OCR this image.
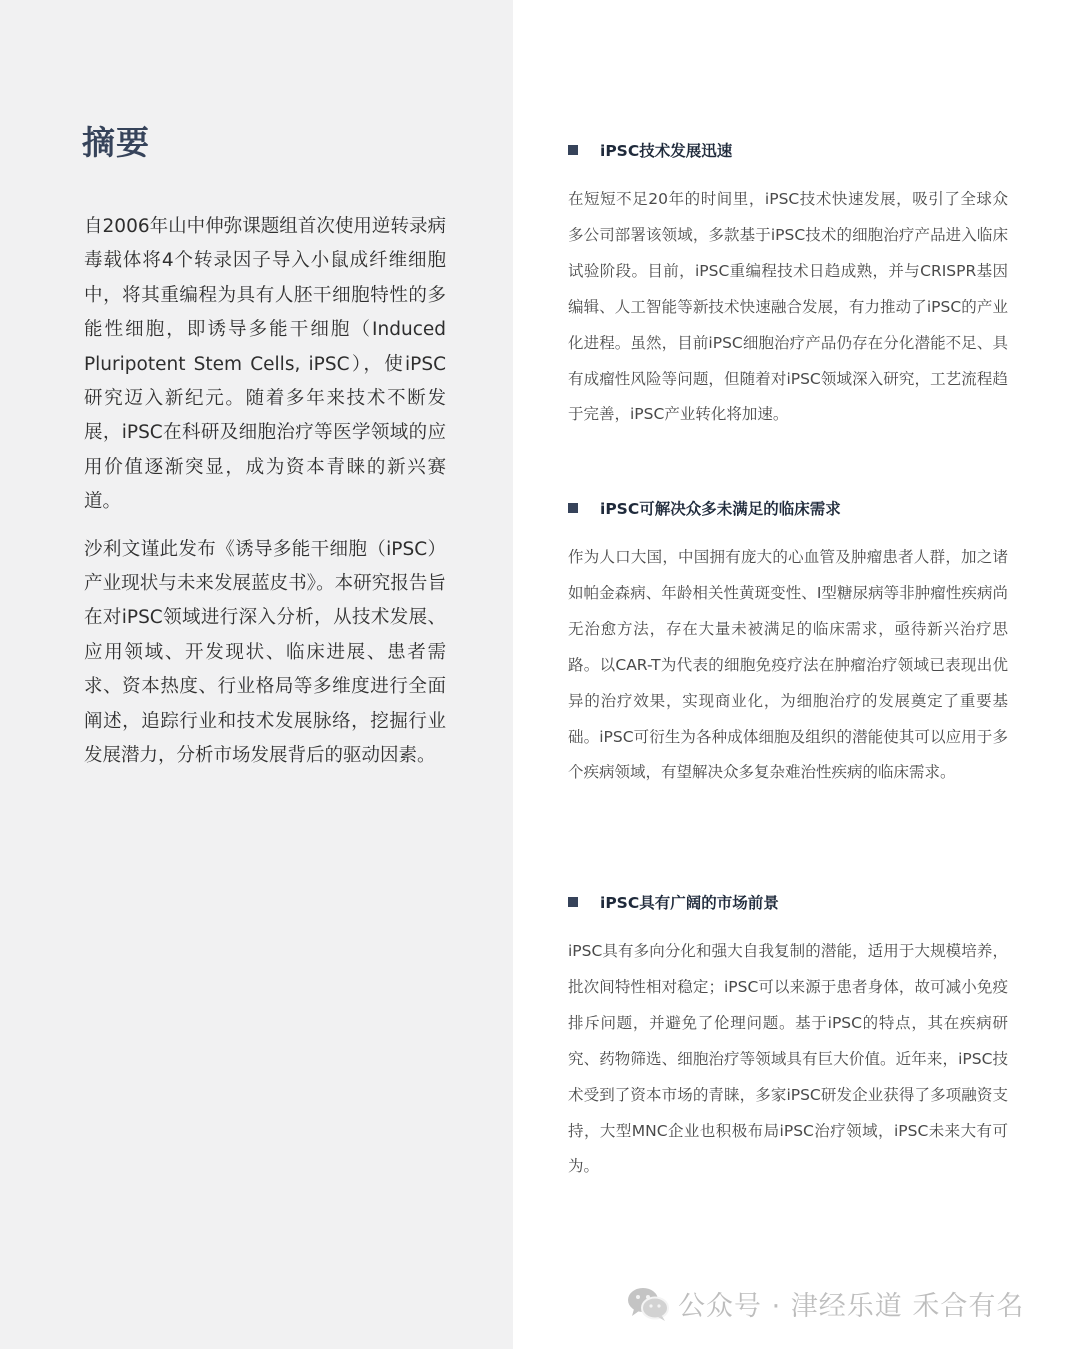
摘要

自2006年山中伸弥课题组首次使用逆转录病毒载体将4个转录因子导入小鼠成纤维细胞中，将其重编程为具有人胚干细胞特性的多能性细胞，即诱导多能干细胞（Induced Pluripotent Stem Cells, iPSC），使iPSC研究迈入新纪元。随着多年来技术不断发展，iPSC在科研及细胞治疗等医学领域的应用价值逐渐突显，成为资本青睐的新兴赛道。

沙利文谨此发布《诱导多能干细胞（iPSC）产业现状与未来发展蓝皮书》。本研究报告旨在对iPSC领域进行深入分析，从技术发展、应用领域、开发现状、临床进展、患者需求、资本热度、行业格局等多维度进行全面阐述，追踪行业和技术发展脉络，挖掘行业发展潜力，分析市场发展背后的驱动因素。

iPSC技术发展迅速

在短短不足20年的时间里，iPSC技术快速发展，吸引了全球众多公司部署该领域，多款基于iPSC技术的细胞治疗产品进入临床试验阶段。目前，iPSC重编程技术日趋成熟，并与CRISPR基因编辑、人工智能等新技术快速融合发展，有力推动了iPSC的产业化进程。虽然，目前iPSC细胞治疗产品仍存在分化潜能不足、具有成瘤性风险等问题，但随着对iPSC领域深入研究，工艺流程趋于完善，iPSC产业转化将加速。

iPSC可解决众多未满足的临床需求

作为人口大国，中国拥有庞大的心血管及肿瘤患者人群，加之诸如帕金森病、年龄相关性黄斑变性、Ⅰ型糖尿病等非肿瘤性疾病尚无治愈方法，存在大量未被满足的临床需求，亟待新兴治疗思路。以CAR-T为代表的细胞免疫疗法在肿瘤治疗领域已表现出优异的治疗效果，实现商业化，为细胞治疗的发展奠定了重要基础。iPSC可衍生为各种成体细胞及组织的潜能使其可以应用于多个疾病领域，有望解决众多复杂难治性疾病的临床需求。

iPSC具有广阔的市场前景

iPSC具有多向分化和强大自我复制的潜能，适用于大规模培养，批次间特性相对稳定；iPSC可以来源于患者身体，故可减小免疫排斥问题，并避免了伦理问题。基于iPSC的特点，其在疾病研究、药物筛选、细胞治疗等领域具有巨大价值。近年来，iPSC技术受到了资本市场的青睐，多家iPSC研发企业获得了多项融资支持，大型MNC企业也积极布局iPSC治疗领域，iPSC未来大有可为。

公众号 · 津经乐道 禾合有名
